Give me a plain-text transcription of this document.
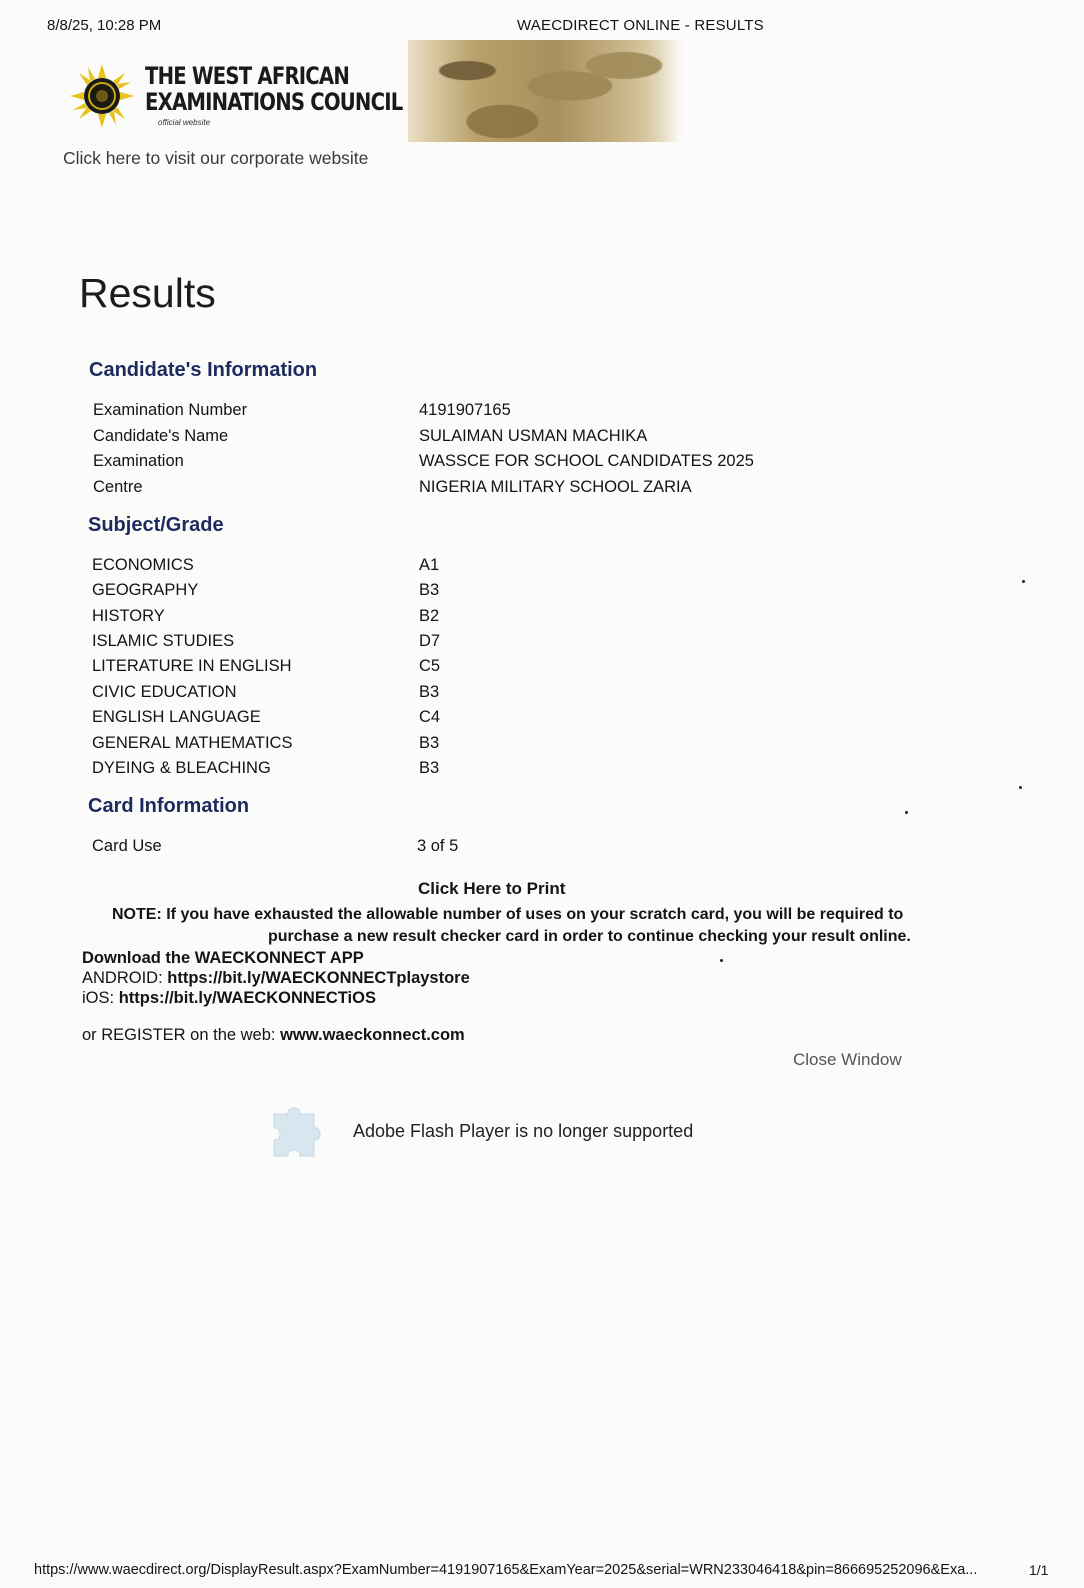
8/8/25, 10:28 PM	WAECDIRECT ONLINE - RESULTS
THE WEST AFRICAN
EXAMINATIONS COUNCIL
official website
Click here to visit our corporate website
Results
Candidate's Information
Examination Number	4191907165
Candidate's Name	SULAIMAN USMAN MACHIKA
Examination	WASSCE FOR SCHOOL CANDIDATES 2025
Centre	NIGERIA MILITARY SCHOOL ZARIA
Subject/Grade
ECONOMICS	A1
GEOGRAPHY	B3
HISTORY	B2
ISLAMIC STUDIES	D7
LITERATURE IN ENGLISH	C5
CIVIC EDUCATION	B3
ENGLISH LANGUAGE	C4
GENERAL MATHEMATICS	B3
DYEING & BLEACHING	B3
Card Information
Card Use	3 of 5
Click Here to Print
NOTE: If you have exhausted the allowable number of uses on your scratch card, you will be required to
purchase a new result checker card in order to continue checking your result online.
Download the WAECKONNECT APP
ANDROID: https://bit.ly/WAECKONNECTplaystore
iOS: https://bit.ly/WAECKONNECTiOS
or REGISTER on the web: www.waeckonnect.com
Close Window
Adobe Flash Player is no longer supported
https://www.waecdirect.org/DisplayResult.aspx?ExamNumber=4191907165&ExamYear=2025&serial=WRN233046418&pin=866695252096&Exa...	1/1
